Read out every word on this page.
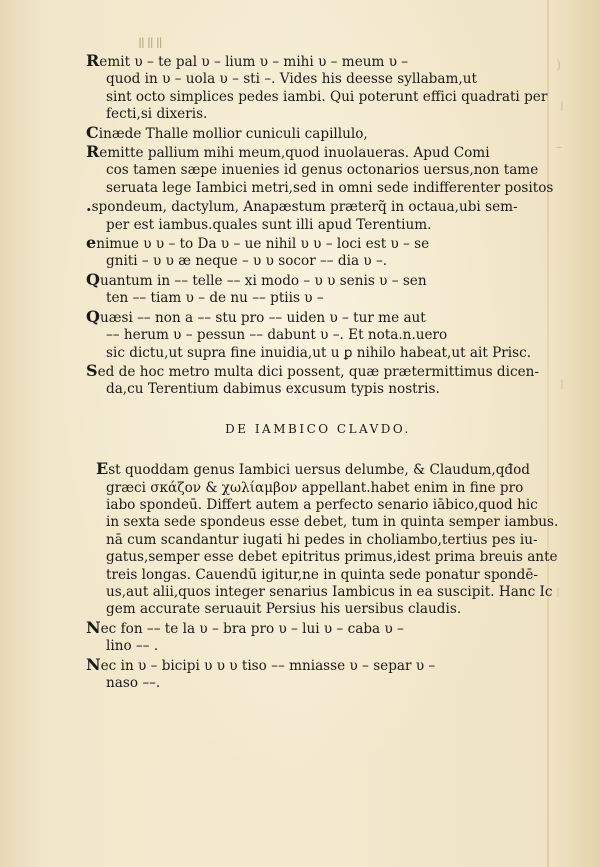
ǁǁǁ
)
ǀ
–
ǀ
ǀ
Remit υ – te pal υ – lium υ – mihi υ – meum υ –
quod in υ – uola υ – sti –. Vides his deesse syllabam,ut
sint octo simplices pedes iambi. Qui poterunt effici quadrati per
fecti,si dixeris.
Cinæde Thalle mollior cuniculi capillulo,
Remitte pallium mihi meum,quod inuolaueras. Apud Comi
cos tamen sæpe inuenies id genus octonarios uersus,non tame
seruata lege Iambici metri,sed in omni sede indifferenter positos
.spondeum, dactylum, Anapæstum præterq̃ in octaua,ubi sem-
per est iambus.quales sunt illi apud Terentium.
enimue υ υ – to Da υ – ue nihil υ υ – loci est υ – se
gniti – υ υ æ neque – υ υ socor –– dia υ –.
Quantum in –– telle –– xi modo – υ υ senis υ – sen
ten –– tiam υ – de nu –– ptiis υ –
Quæsi –– non a –– stu pro –– uiden υ – tur me aut
–– herum υ – pessun –– dabunt υ –. Et nota.n.uero
sic dictu,ut supra fine inuidia,ut u ꝑ nihilo habeat,ut ait Prisc.
Sed de hoc metro multa dici possent, quæ prætermittimus dicen-
da,cu Terentium dabimus excusum typis nostris.
DE IAMBICO CLAVDO.
Est quoddam genus Iambici uersus delumbe, & Claudum,qđod
græci σκάζον & χωλίαμβον appellant.habet enim in fine pro
iabo spondeū. Differt autem a perfecto senario iābico,quod hic
in sexta sede spondeus esse debet, tum in quinta semper iambus.
nā cum scandantur iugati hi pedes in choliambo,tertius pes iu-
gatus,semper esse debet epitritus primus,idest prima breuis ante
treis longas. Cauendū igitur,ne in quinta sede ponatur spondē-
us,aut alii,quos integer senarius Iambicus in ea suscipit. Hanc Ic
gem accurate seruauit Persius his uersibus claudis.
Nec fon –– te la υ – bra pro υ – lui υ – caba υ –
lino –– .
Nec in υ – bicipi υ υ υ tiso –– mniasse υ – separ υ –
naso ––.
